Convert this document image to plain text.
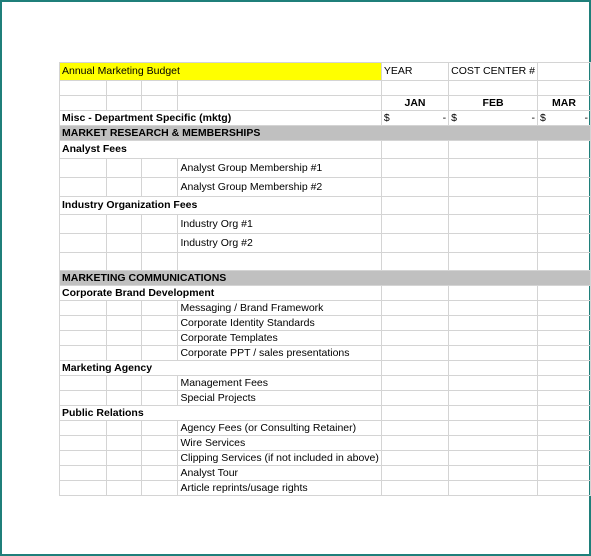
Annual Marketing Budget				YEAR	COST CENTER #	

				JAN	FEB	MAR
Misc - Department Specific (mktg)				$ -	$ -	$ -

MARKET RESEARCH & MEMBERSHIPS						
Analyst Fees						
			Analyst Group Membership #1			
			Analyst Group Membership #2			
Industry Organization Fees						
			Industry Org #1			
			Industry Org #2			

MARKETING COMMUNICATIONS						
Corporate Brand Development						
			Messaging / Brand Framework			
			Corporate Identity Standards			
			Corporate Templates			
			Corporate PPT / sales presentations			
Marketing Agency						
			Management Fees			
			Special Projects			
Public Relations						
			Agency Fees (or Consulting Retainer)			
			Wire Services			
			Clipping Services (if not included in above)			
			Analyst Tour			
			Article reprints/usage rights			
